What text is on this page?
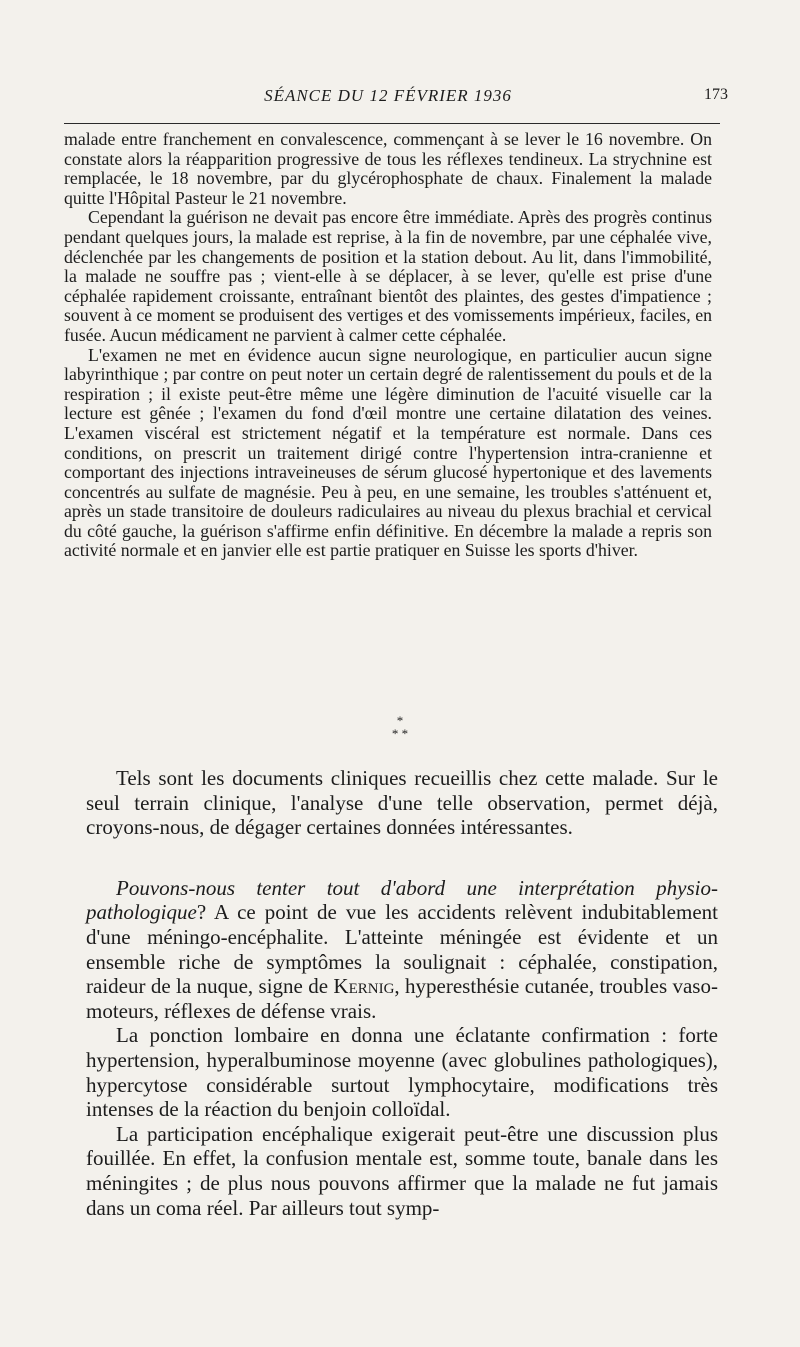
SÉANCE DU 12 FÉVRIER 1936	173

malade entre franchement en convalescence, commençant à se lever le 16 novembre. On constate alors la réapparition progressive de tous les réflexes tendineux. La strychnine est remplacée, le 18 novembre, par du glycérophosphate de chaux. Finalement la malade quitte l'Hôpital Pasteur le 21 novembre.

Cependant la guérison ne devait pas encore être immédiate. Après des progrès continus pendant quelques jours, la malade est reprise, à la fin de novembre, par une céphalée vive, déclenchée par les changements de position et la station debout. Au lit, dans l'immobilité, la malade ne souffre pas ; vient-elle à se déplacer, à se lever, qu'elle est prise d'une céphalée rapidement croissante, entraînant bientôt des plaintes, des gestes d'impatience ; souvent à ce moment se produisent des vertiges et des vomissements impérieux, faciles, en fusée. Aucun médicament ne parvient à calmer cette céphalée.

L'examen ne met en évidence aucun signe neurologique, en particulier aucun signe labyrinthique ; par contre on peut noter un certain degré de ralentissement du pouls et de la respiration ; il existe peut-être même une légère diminution de l'acuité visuelle car la lecture est gênée ; l'examen du fond d'œil montre une certaine dilatation des veines. L'examen viscéral est strictement négatif et la température est normale. Dans ces conditions, on prescrit un traitement dirigé contre l'hypertension intra-cranienne et comportant des injections intraveineuses de sérum glucosé hypertonique et des lavements concentrés au sulfate de magnésie. Peu à peu, en une semaine, les troubles s'atténuent et, après un stade transitoire de douleurs radiculaires au niveau du plexus brachial et cervical du côté gauche, la guérison s'affirme enfin définitive. En décembre la malade a repris son activité normale et en janvier elle est partie pratiquer en Suisse les sports d'hiver.

*
* *

Tels sont les documents cliniques recueillis chez cette malade. Sur le seul terrain clinique, l'analyse d'une telle observation, permet déjà, croyons-nous, de dégager certaines données intéressantes.

Pouvons-nous tenter tout d'abord une interprétation physio-pathologique? A ce point de vue les accidents relèvent indubitablement d'une méningo-encéphalite. L'atteinte méningée est évidente et un ensemble riche de symptômes la soulignait : céphalée, constipation, raideur de la nuque, signe de Kernig, hyperesthésie cutanée, troubles vaso-moteurs, réflexes de défense vrais.

La ponction lombaire en donna une éclatante confirmation : forte hypertension, hyperalbuminose moyenne (avec globulines pathologiques), hypercytose considérable surtout lymphocytaire, modifications très intenses de la réaction du benjoin colloïdal.

La participation encéphalique exigerait peut-être une discussion plus fouillée. En effet, la confusion mentale est, somme toute, banale dans les méningites ; de plus nous pouvons affirmer que la malade ne fut jamais dans un coma réel. Par ailleurs tout symp-
